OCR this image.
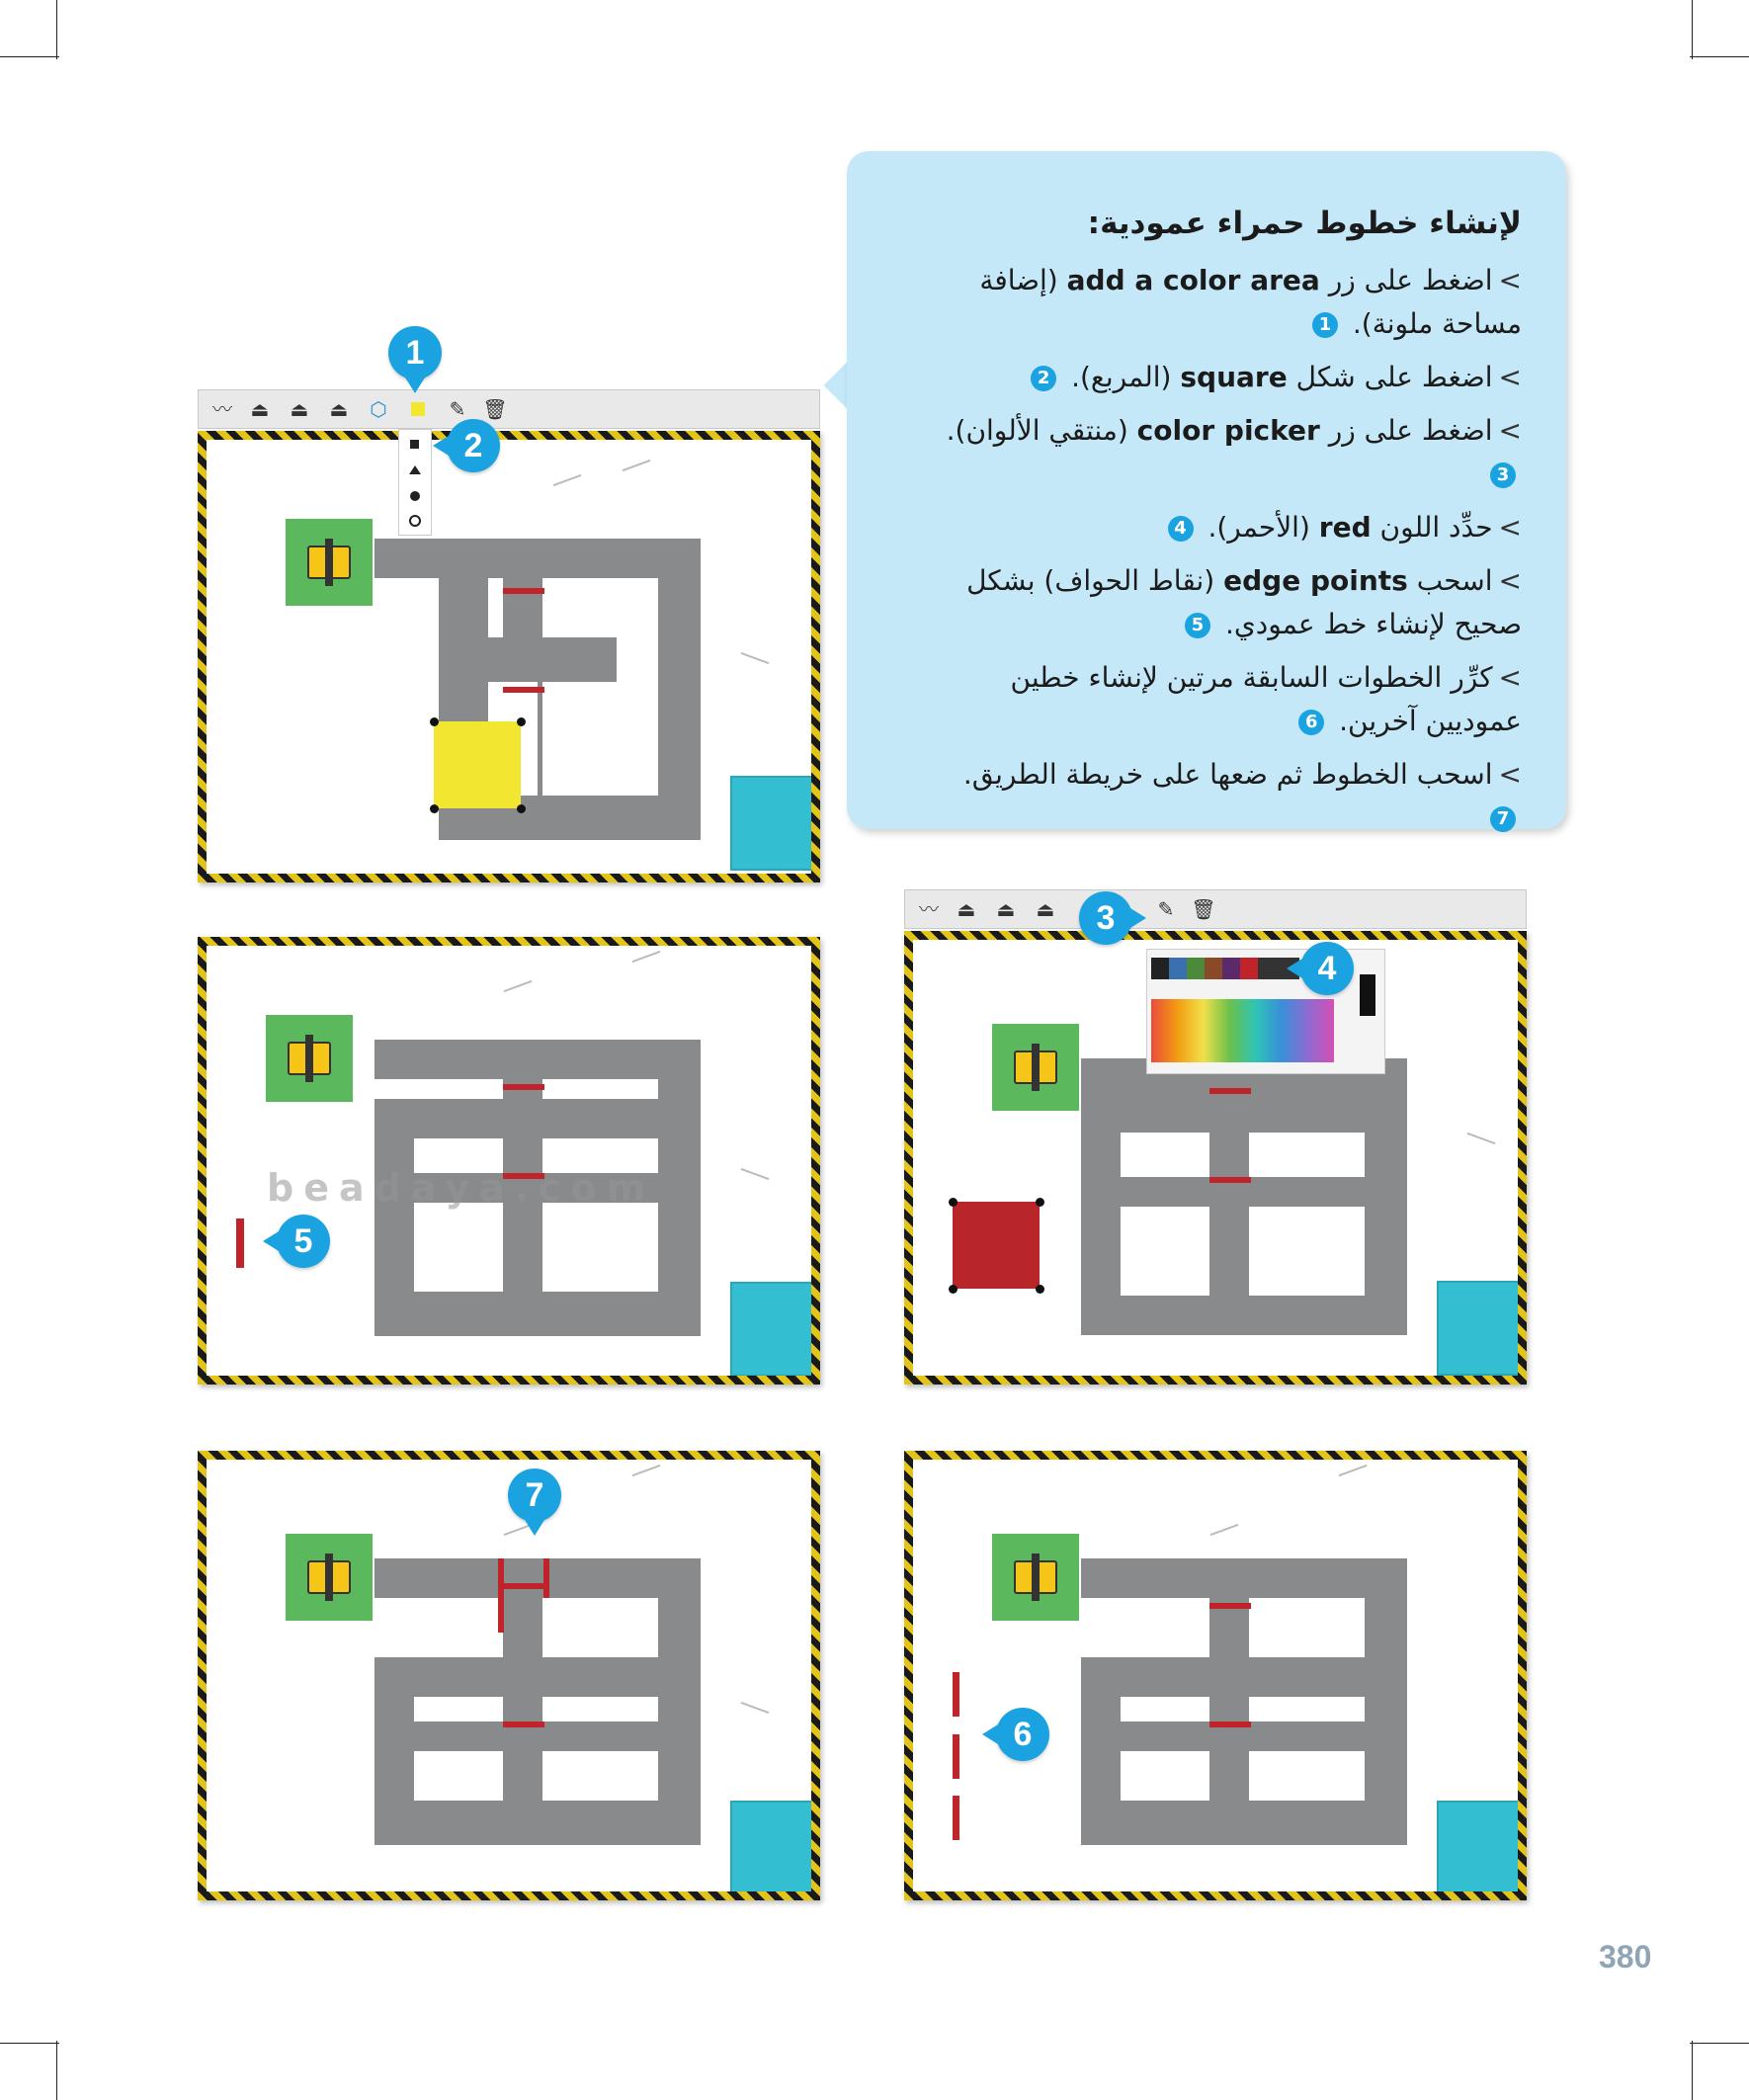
لإنشاء خطوط حمراء عمودية:
>اضغط على زر add a color area (إضافة مساحة ملونة). 1
>اضغط على شكل square (المربع). 2
>اضغط على زر color picker (منتقي الألوان). 3
>حدِّد اللون red (الأحمر). 4
>اسحب edge points (نقاط الحواف) بشكل صحيح لإنشاء خط عمودي. 5
>كرِّر الخطوات السابقة مرتين لإنشاء خطين عموديين آخرين. 6
>اسحب الخطوط ثم ضعها على خريطة الطريق. 7
〰 ⏏ ⏏ ⏏ ⬡	✎ 🗑
〰 ⏏ ⏏ ⏏	✎ 🗑
beadaya.com
1
2
3
4
5
6
7
380
